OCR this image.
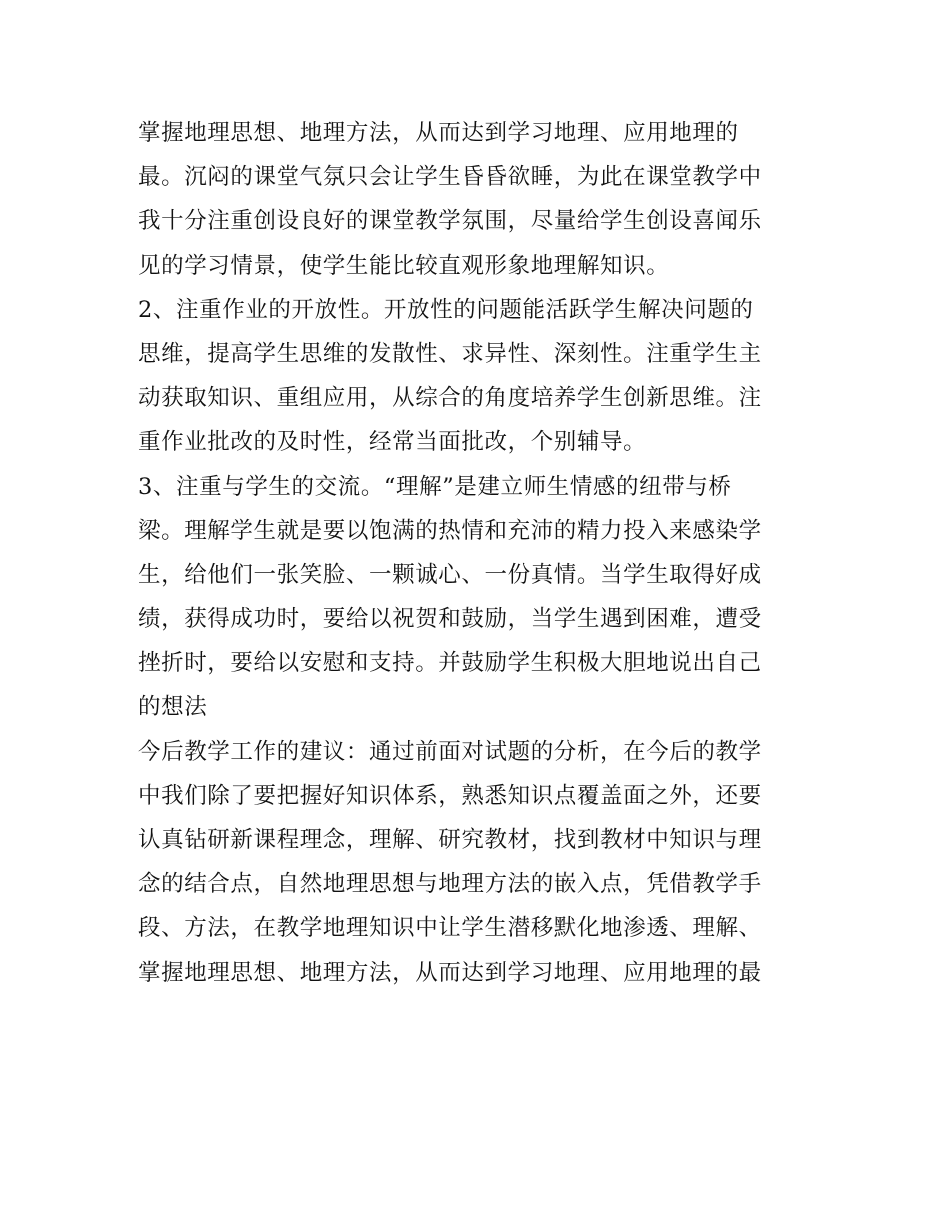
掌握地理思想、地理方法，从而达到学习地理、应用地理的
最。沉闷的课堂气氛只会让学生昏昏欲睡，为此在课堂教学中
我十分注重创设良好的课堂教学氛围，尽量给学生创设喜闻乐
见的学习情景，使学生能比较直观形象地理解知识。
2、注重作业的开放性。开放性的问题能活跃学生解决问题的
思维，提高学生思维的发散性、求异性、深刻性。注重学生主
动获取知识、重组应用，从综合的角度培养学生创新思维。注
重作业批改的及时性，经常当面批改，个别辅导。
3、注重与学生的交流。“理解”是建立师生情感的纽带与桥
梁。理解学生就是要以饱满的热情和充沛的精力投入来感染学
生，给他们一张笑脸、一颗诚心、一份真情。当学生取得好成
绩，获得成功时，要给以祝贺和鼓励，当学生遇到困难，遭受
挫折时，要给以安慰和支持。并鼓励学生积极大胆地说出自己
的想法
今后教学工作的建议：通过前面对试题的分析，在今后的教学
中我们除了要把握好知识体系，熟悉知识点覆盖面之外，还要
认真钻研新课程理念，理解、研究教材，找到教材中知识与理
念的结合点，自然地理思想与地理方法的嵌入点，凭借教学手
段、方法，在教学地理知识中让学生潜移默化地渗透、理解、
掌握地理思想、地理方法，从而达到学习地理、应用地理的最
